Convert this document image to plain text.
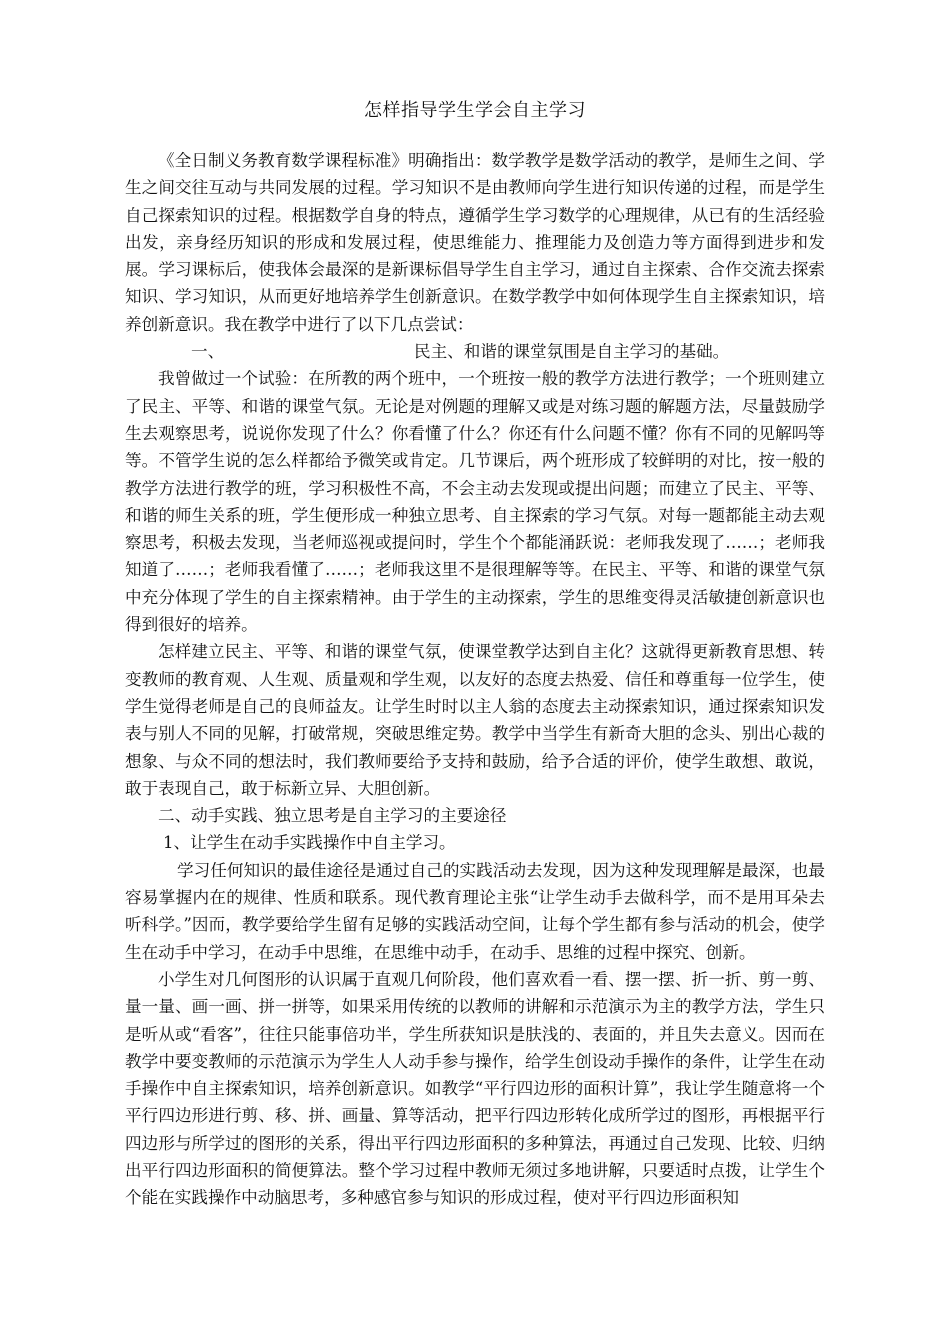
怎样指导学生学会自主学习

《全日制义务教育数学课程标准》明确指出：数学教学是数学活动的教学，是师生之间、学生之间交往互动与共同发展的过程。学习知识不是由教师向学生进行知识传递的过程，而是学生自己探索知识的过程。根据数学自身的特点，遵循学生学习数学的心理规律，从已有的生活经验出发，亲身经历知识的形成和发展过程，使思维能力、推理能力及创造力等方面得到进步和发展。学习课标后，使我体会最深的是新课标倡导学生自主学习，通过自主探索、合作交流去探索知识、学习知识，从而更好地培养学生创新意识。在数学教学中如何体现学生自主探索知识，培养创新意识。我在教学中进行了以下几点尝试：

一、	民主、和谐的课堂氛围是自主学习的基础。

我曾做过一个试验：在所教的两个班中，一个班按一般的教学方法进行教学；一个班则建立了民主、平等、和谐的课堂气氛。无论是对例题的理解又或是对练习题的解题方法，尽量鼓励学生去观察思考，说说你发现了什么？你看懂了什么？你还有什么问题不懂？你有不同的见解吗等等。不管学生说的怎么样都给予微笑或肯定。几节课后，两个班形成了较鲜明的对比，按一般的教学方法进行教学的班，学习积极性不高，不会主动去发现或提出问题；而建立了民主、平等、和谐的师生关系的班，学生便形成一种独立思考、自主探索的学习气氛。对每一题都能主动去观察思考，积极去发现，当老师巡视或提问时，学生个个都能涌跃说：老师我发现了……；老师我知道了……；老师我看懂了……；老师我这里不是很理解等等。在民主、平等、和谐的课堂气氛中充分体现了学生的自主探索精神。由于学生的主动探索，学生的思维变得灵活敏捷创新意识也得到很好的培养。

怎样建立民主、平等、和谐的课堂气氛，使课堂教学达到自主化？这就得更新教育思想、转变教师的教育观、人生观、质量观和学生观，以友好的态度去热爱、信任和尊重每一位学生，使学生觉得老师是自己的良师益友。让学生时时以主人翁的态度去主动探索知识，通过探索知识发表与别人不同的见解，打破常规，突破思维定势。教学中当学生有新奇大胆的念头、别出心裁的想象、与众不同的想法时，我们教师要给予支持和鼓励，给予合适的评价，使学生敢想、敢说，敢于表现自己，敢于标新立异、大胆创新。

二、动手实践、独立思考是自主学习的主要途径

1、让学生在动手实践操作中自主学习。

学习任何知识的最佳途径是通过自己的实践活动去发现，因为这种发现理解是最深，也最容易掌握内在的规律、性质和联系。现代教育理论主张“让学生动手去做科学，而不是用耳朵去听科学。”因而，教学要给学生留有足够的实践活动空间，让每个学生都有参与活动的机会，使学生在动手中学习，在动手中思维，在思维中动手，在动手、思维的过程中探究、创新。

小学生对几何图形的认识属于直观几何阶段，他们喜欢看一看、摆一摆、折一折、剪一剪、量一量、画一画、拼一拼等，如果采用传统的以教师的讲解和示范演示为主的教学方法，学生只是听从或“看客”，往往只能事倍功半，学生所获知识是肤浅的、表面的，并且失去意义。因而在教学中要变教师的示范演示为学生人人动手参与操作，给学生创设动手操作的条件，让学生在动手操作中自主探索知识，培养创新意识。如教学“平行四边形的面积计算”，我让学生随意将一个平行四边形进行剪、移、拼、画量、算等活动，把平行四边形转化成所学过的图形，再根据平行四边形与所学过的图形的关系，得出平行四边形面积的多种算法，再通过自己发现、比较、归纳出平行四边形面积的简便算法。整个学习过程中教师无须过多地讲解，只要适时点拨，让学生个个能在实践操作中动脑思考，多种感官参与知识的形成过程，使对平行四边形面积知
